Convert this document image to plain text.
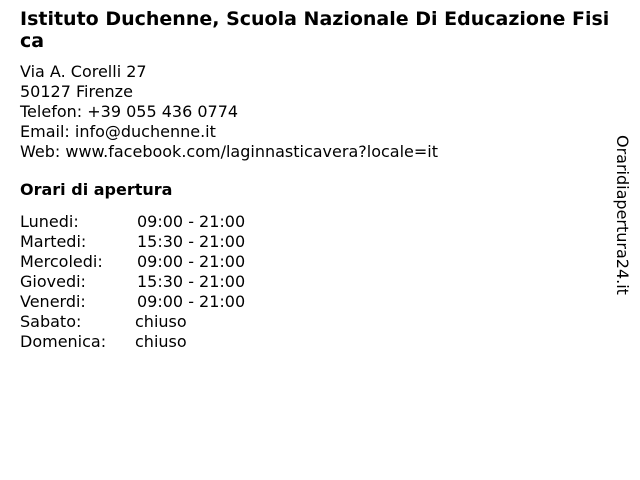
Istituto Duchenne, Scuola Nazionale Di Educazione Fisica
Via A. Corelli 27
50127 Firenze
Telefon: +39 055 436 0774
Email: info@duchenne.it
Web: www.facebook.com/laginnasticavera?locale=it
Orari di apertura
Lunedi:	09:00 - 21:00
Martedi:	15:30 - 21:00
Mercoledi:	09:00 - 21:00
Giovedi:	15:30 - 21:00
Venerdi:	09:00 - 21:00
Sabato:	chiuso
Domenica:	chiuso
Oraridiapertura24.it
